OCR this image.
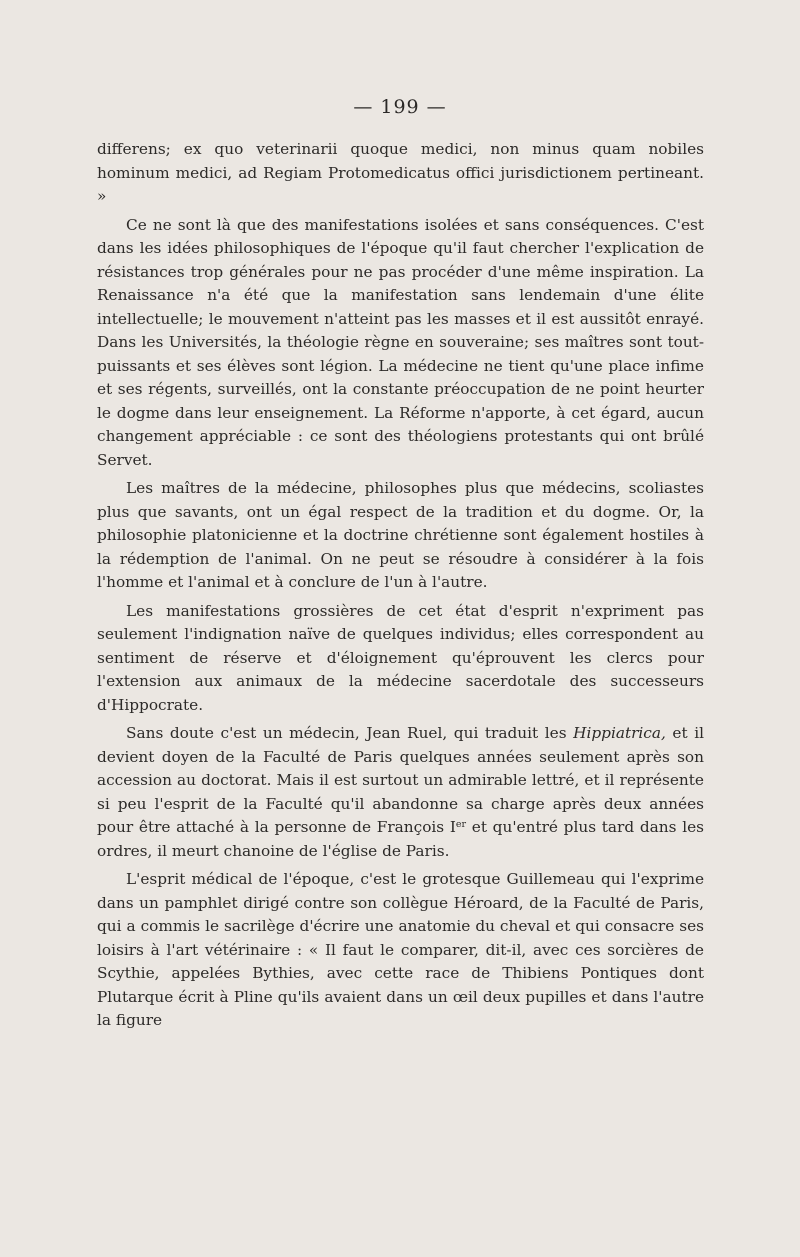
— 199 —

differens; ex quo veterinarii quoque medici, non minus quam nobiles hominum medici, ad Regiam Protomedicatus offici jurisdictionem pertineant. »

Ce ne sont là que des manifestations isolées et sans conséquences. C'est dans les idées philosophiques de l'époque qu'il faut chercher l'explication de résistances trop générales pour ne pas procéder d'une même inspiration. La Renaissance n'a été que la manifestation sans lendemain d'une élite intellectuelle; le mouvement n'atteint pas les masses et il est aussitôt enrayé. Dans les Universités, la théologie règne en souveraine; ses maîtres sont tout-puissants et ses élèves sont légion. La médecine ne tient qu'une place infime et ses régents, surveillés, ont la constante préoccupation de ne point heurter le dogme dans leur enseignement. La Réforme n'apporte, à cet égard, aucun changement appréciable : ce sont des théologiens protestants qui ont brûlé Servet.

Les maîtres de la médecine, philosophes plus que médecins, scoliastes plus que savants, ont un égal respect de la tradition et du dogme. Or, la philosophie platonicienne et la doctrine chrétienne sont également hostiles à la rédemption de l'animal. On ne peut se résoudre à considérer à la fois l'homme et l'animal et à conclure de l'un à l'autre.

Les manifestations grossières de cet état d'esprit n'expriment pas seulement l'indignation naïve de quelques individus; elles correspondent au sentiment de réserve et d'éloignement qu'éprouvent les clercs pour l'extension aux animaux de la médecine sacerdotale des successeurs d'Hippocrate.

Sans doute c'est un médecin, Jean Ruel, qui traduit les Hippiatrica, et il devient doyen de la Faculté de Paris quelques années seulement après son accession au doctorat. Mais il est surtout un admirable lettré, et il représente si peu l'esprit de la Faculté qu'il abandonne sa charge après deux années pour être attaché à la personne de François Ier et qu'entré plus tard dans les ordres, il meurt chanoine de l'église de Paris.

L'esprit médical de l'époque, c'est le grotesque Guillemeau qui l'exprime dans un pamphlet dirigé contre son collègue Héroard, de la Faculté de Paris, qui a commis le sacrilège d'écrire une anatomie du cheval et qui consacre ses loisirs à l'art vétérinaire : « Il faut le comparer, dit-il, avec ces sorcières de Scythie, appelées Bythies, avec cette race de Thibiens Pontiques dont Plutarque écrit à Pline qu'ils avaient dans un œil deux pupilles et dans l'autre la figure
